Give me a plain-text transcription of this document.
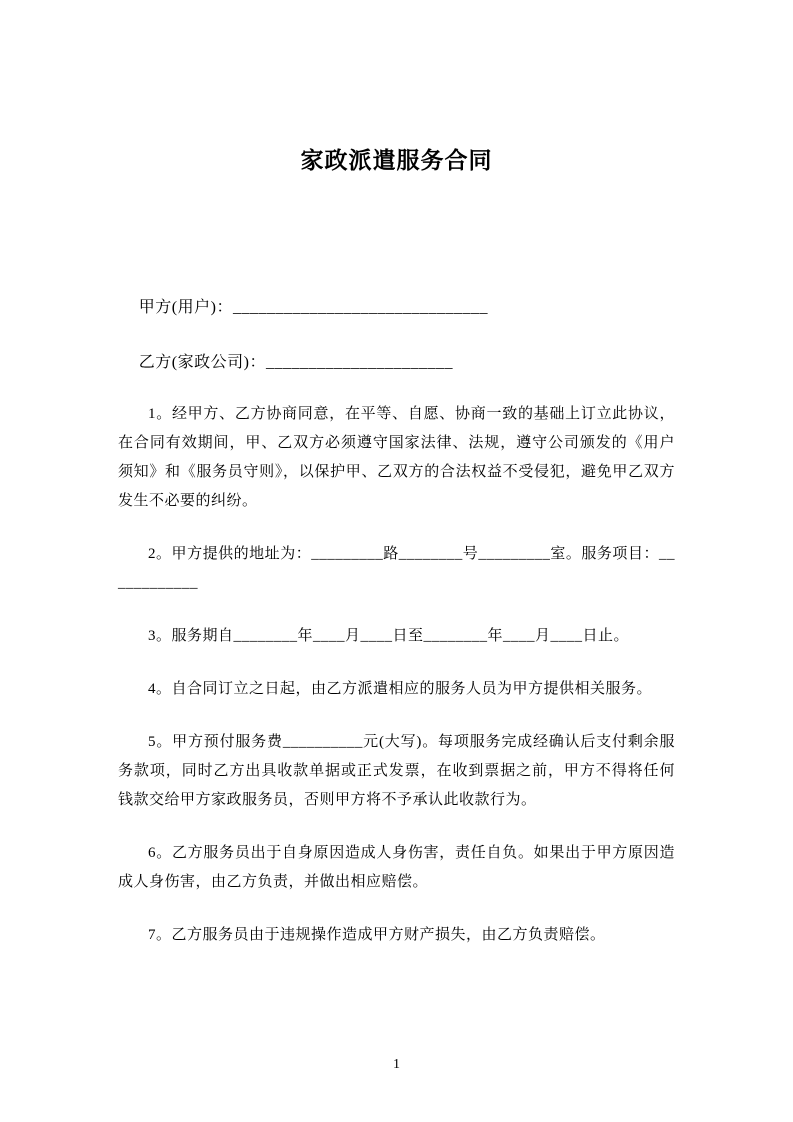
家政派遣服务合同

甲方(用户)：______________________________

乙方(家政公司)：______________________

1。经甲方、乙方协商同意，在平等、自愿、协商一致的基础上订立此协议，在合同有效期间，甲、乙双方必须遵守国家法律、法规，遵守公司颁发的《用户须知》和《服务员守则》，以保护甲、乙双方的合法权益不受侵犯，避免甲乙双方发生不必要的纠纷。

2。甲方提供的地址为：_________路________号_________室。服务项目：____________

3。服务期自________年____月____日至________年____月____日止。

4。自合同订立之日起，由乙方派遣相应的服务人员为甲方提供相关服务。

5。甲方预付服务费__________元(大写)。每项服务完成经确认后支付剩余服务款项，同时乙方出具收款单据或正式发票，在收到票据之前，甲方不得将任何钱款交给甲方家政服务员，否则甲方将不予承认此收款行为。

6。乙方服务员出于自身原因造成人身伤害，责任自负。如果出于甲方原因造成人身伤害，由乙方负责，并做出相应赔偿。

7。乙方服务员由于违规操作造成甲方财产损失，由乙方负责赔偿。

1
